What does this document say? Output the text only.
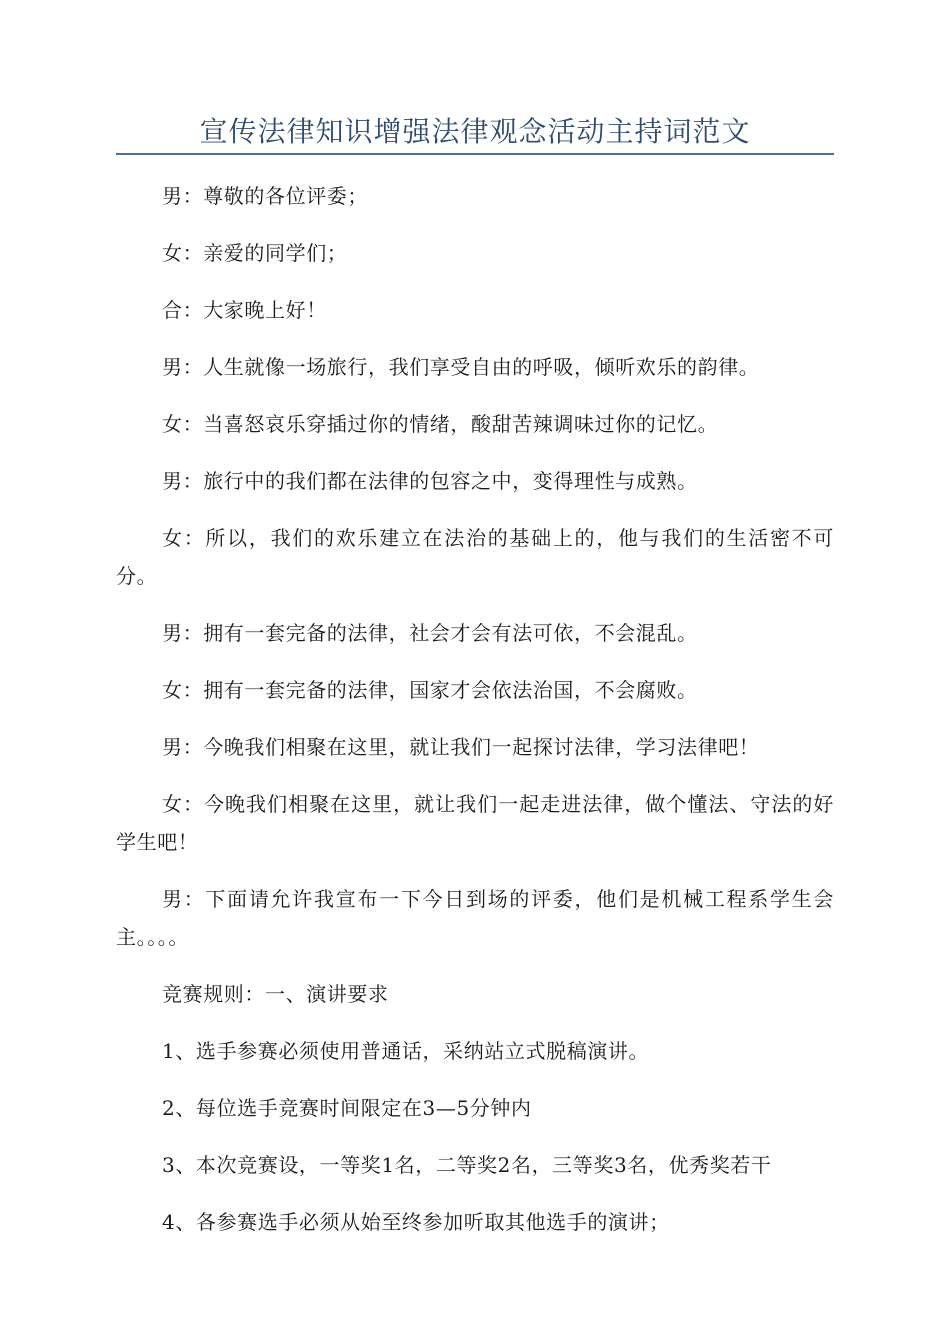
宣传法律知识增强法律观念活动主持词范文

男：尊敬的各位评委；

女：亲爱的同学们；

合：大家晚上好！

男：人生就像一场旅行，我们享受自由的呼吸，倾听欢乐的韵律。

女：当喜怒哀乐穿插过你的情绪，酸甜苦辣调味过你的记忆。

男：旅行中的我们都在法律的包容之中，变得理性与成熟。

女：所以，我们的欢乐建立在法治的基础上的，他与我们的生活密不可分。

男：拥有一套完备的法律，社会才会有法可依，不会混乱。

女：拥有一套完备的法律，国家才会依法治国，不会腐败。

男：今晚我们相聚在这里，就让我们一起探讨法律，学习法律吧！

女：今晚我们相聚在这里，就让我们一起走进法律，做个懂法、守法的好学生吧！

男：下面请允许我宣布一下今日到场的评委，他们是机械工程系学生会主。。。。

竞赛规则：一、演讲要求

1、选手参赛必须使用普通话，采纳站立式脱稿演讲。

2、每位选手竞赛时间限定在3—5分钟内

3、本次竞赛设，一等奖1名，二等奖2名，三等奖3名，优秀奖若干

4、各参赛选手必须从始至终参加听取其他选手的演讲；
